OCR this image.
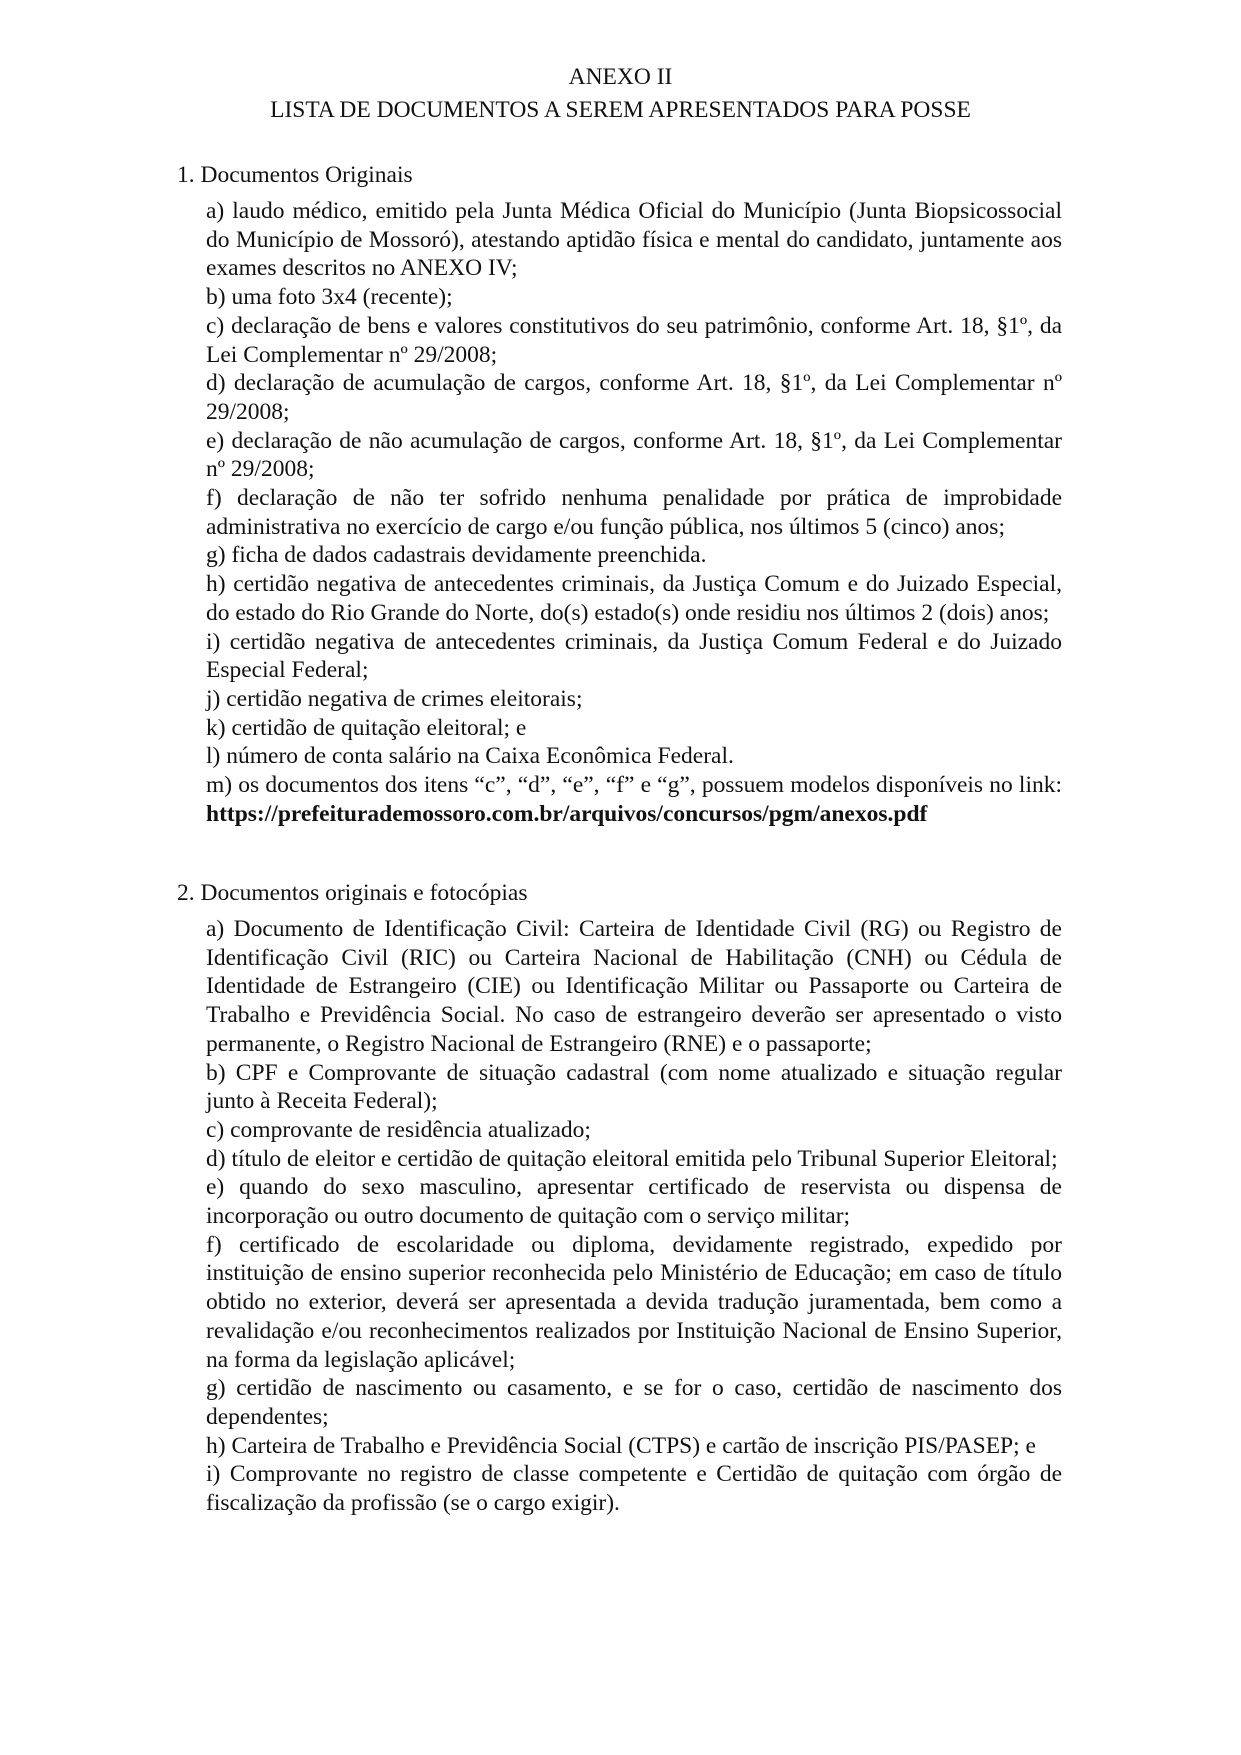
ANEXO II
LISTA DE DOCUMENTOS A SEREM APRESENTADOS PARA POSSE

1. Documentos Originais

a) laudo médico, emitido pela Junta Médica Oficial do Município (Junta Biopsicossocial do Município de Mossoró), atestando aptidão física e mental do candidato, juntamente aos exames descritos no ANEXO IV;
b) uma foto 3x4 (recente);
c) declaração de bens e valores constitutivos do seu patrimônio, conforme Art. 18, §1º, da Lei Complementar nº 29/2008;
d) declaração de acumulação de cargos, conforme Art. 18, §1º, da Lei Complementar nº 29/2008;
e) declaração de não acumulação de cargos, conforme Art. 18, §1º, da Lei Complementar nº 29/2008;
f) declaração de não ter sofrido nenhuma penalidade por prática de improbidade administrativa no exercício de cargo e/ou função pública, nos últimos 5 (cinco) anos;
g) ficha de dados cadastrais devidamente preenchida.
h) certidão negativa de antecedentes criminais, da Justiça Comum e do Juizado Especial, do estado do Rio Grande do Norte, do(s) estado(s) onde residiu nos últimos 2 (dois) anos;
i) certidão negativa de antecedentes criminais, da Justiça Comum Federal e do Juizado Especial Federal;
j) certidão negativa de crimes eleitorais;
k) certidão de quitação eleitoral; e
l) número de conta salário na Caixa Econômica Federal.
m) os documentos dos itens “c”, “d”, “e”, “f” e “g”, possuem modelos disponíveis no link: https://prefeiturademossoro.com.br/arquivos/concursos/pgm/anexos.pdf

2. Documentos originais e fotocópias

a) Documento de Identificação Civil: Carteira de Identidade Civil (RG) ou Registro de Identificação Civil (RIC) ou Carteira Nacional de Habilitação (CNH) ou Cédula de Identidade de Estrangeiro (CIE) ou Identificação Militar ou Passaporte ou Carteira de Trabalho e Previdência Social. No caso de estrangeiro deverão ser apresentado o visto permanente, o Registro Nacional de Estrangeiro (RNE) e o passaporte;
b) CPF e Comprovante de situação cadastral (com nome atualizado e situação regular junto à Receita Federal);
c) comprovante de residência atualizado;
d) título de eleitor e certidão de quitação eleitoral emitida pelo Tribunal Superior Eleitoral;
e) quando do sexo masculino, apresentar certificado de reservista ou dispensa de incorporação ou outro documento de quitação com o serviço militar;
f) certificado de escolaridade ou diploma, devidamente registrado, expedido por instituição de ensino superior reconhecida pelo Ministério de Educação; em caso de título obtido no exterior, deverá ser apresentada a devida tradução juramentada, bem como a revalidação e/ou reconhecimentos realizados por Instituição Nacional de Ensino Superior, na forma da legislação aplicável;
g) certidão de nascimento ou casamento, e se for o caso, certidão de nascimento dos dependentes;
h) Carteira de Trabalho e Previdência Social (CTPS) e cartão de inscrição PIS/PASEP; e
i) Comprovante no registro de classe competente e Certidão de quitação com órgão de fiscalização da profissão (se o cargo exigir).
